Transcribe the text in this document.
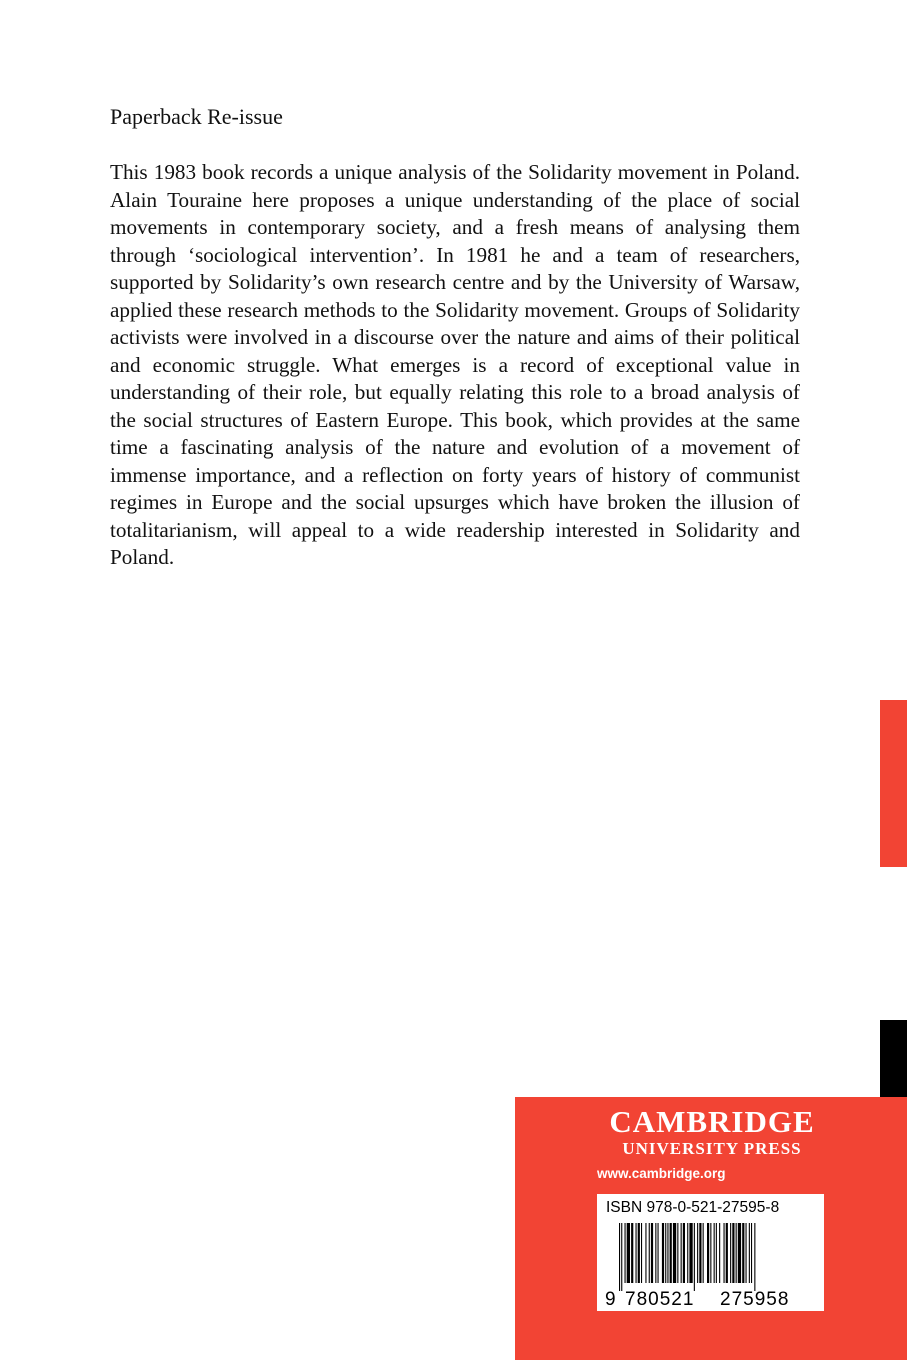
Paperback Re-issue

This 1983 book records a unique analysis of the Solidarity movement in Poland. Alain Touraine here proposes a unique understanding of the place of social movements in contemporary society, and a fresh means of analysing them through ‘sociological intervention’. In 1981 he and a team of researchers, supported by Solidarity’s own research centre and by the University of Warsaw, applied these research methods to the Solidarity movement. Groups of Solidarity activists were involved in a discourse over the nature and aims of their political and economic struggle. What emerges is a record of exceptional value in understanding of their role, but equally relating this role to a broad analysis of the social structures of Eastern Europe. This book, which provides at the same time a fascinating analysis of the nature and evolution of a movement of immense importance, and a reflection on forty years of history of communist regimes in Europe and the social upsurges which have broken the illusion of totalitarianism, will appeal to a wide readership interested in Solidarity and Poland.

CAMBRIDGE
UNIVERSITY PRESS
www.cambridge.org
ISBN 978-0-521-27595-8
9 780521 275958
